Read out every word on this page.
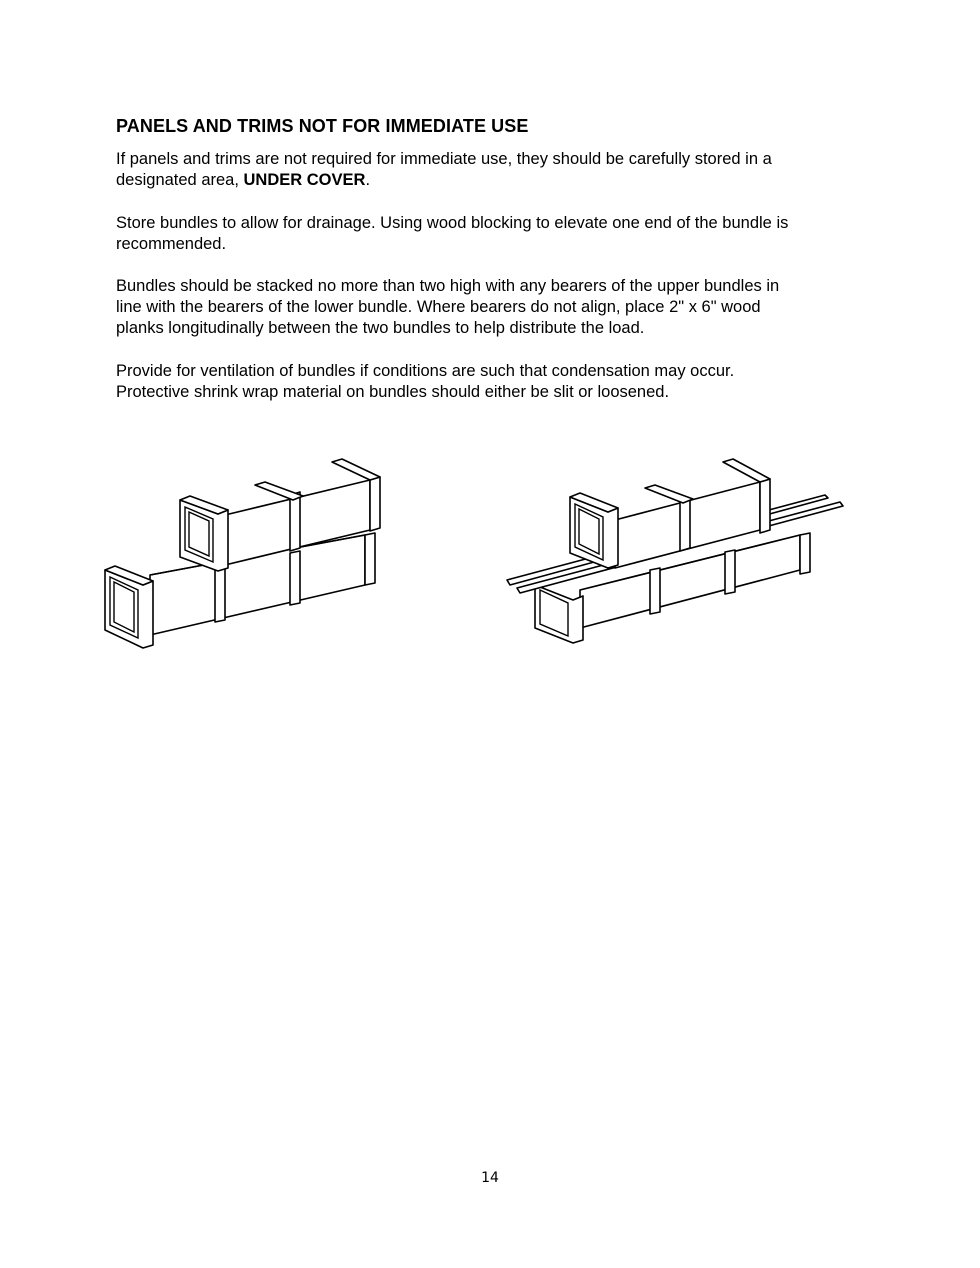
PANELS AND TRIMS NOT FOR IMMEDIATE USE
If panels and trims are not required for immediate use, they should be carefully stored in a
designated area, UNDER COVER.
Store bundles to allow for drainage. Using wood blocking to elevate one end of the bundle is
recommended.
Bundles should be stacked no more than two high with any bearers of the upper bundles in
line with the bearers of the lower bundle. Where bearers do not align, place 2" x 6" wood
planks longitudinally between the two bundles to help distribute the load.
Provide for ventilation of bundles if conditions are such that condensation may occur.
Protective shrink wrap material on bundles should either be slit or loosened.
14
